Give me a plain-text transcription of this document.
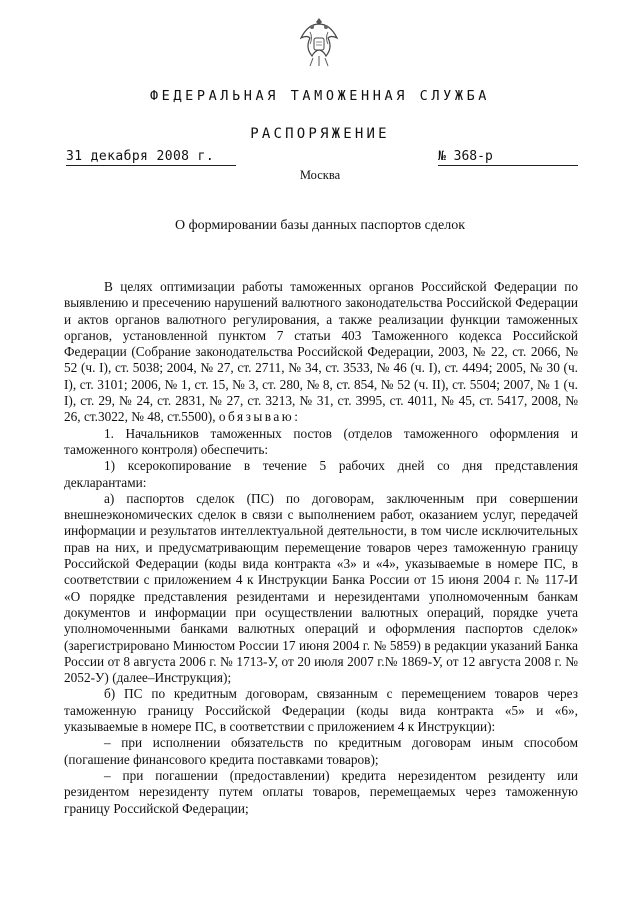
ФЕДЕРАЛЬНАЯ ТАМОЖЕННАЯ СЛУЖБА
РАСПОРЯЖЕНИЕ
31 декабря 2008 г.	№ 368-р
Москва
О формировании базы данных паспортов сделок

В целях оптимизации работы таможенных органов Российской Федерации по выявлению и пресечению нарушений валютного законодательства Российской Федерации и актов органов валютного регулирования, а также реализации функции таможенных органов, установленной пунктом 7 статьи 403 Таможенного кодекса Российской Федерации (Собрание законодательства Российской Федерации, 2003, № 22, ст. 2066, № 52 (ч. I), ст. 5038; 2004, № 27, ст. 2711, № 34, ст. 3533, № 46 (ч. I), ст. 4494; 2005, № 30 (ч. I), ст. 3101; 2006, № 1, ст. 15, № 3, ст. 280, № 8, ст. 854, № 52 (ч. II), ст. 5504; 2007, № 1 (ч. I), ст. 29, № 24, ст. 2831, № 27, ст. 3213, № 31, ст. 3995, ст. 4011, № 45, ст. 5417, 2008, № 26, ст.3022, № 48, ст.5500), обязываю:

1. Начальников таможенных постов (отделов таможенного оформления и таможенного контроля) обеспечить:

1) ксерокопирование в течение 5 рабочих дней со дня представления декларантами:

а) паспортов сделок (ПС) по договорам, заключенным при совершении внешнеэкономических сделок в связи с выполнением работ, оказанием услуг, передачей информации и результатов интеллектуальной деятельности, в том числе исключительных прав на них, и предусматривающим перемещение товаров через таможенную границу Российской Федерации (коды вида контракта «3» и «4», указываемые в номере ПС, в соответствии с приложением 4 к Инструкции Банка России от 15 июня 2004 г. № 117-И «О порядке представления резидентами и нерезидентами уполномоченным банкам документов и информации при осуществлении валютных операций, порядке учета уполномоченными банками валютных операций и оформления паспортов сделок» (зарегистрировано Минюстом России 17 июня 2004 г. № 5859) в редакции указаний Банка России от 8 августа 2006 г. № 1713-У, от 20 июля 2007 г.№ 1869-У, от 12 августа 2008 г. № 2052-У) (далее–Инструкция);

б) ПС по кредитным договорам, связанным с перемещением товаров через таможенную границу Российской Федерации (коды вида контракта «5» и «6», указываемые в номере ПС, в соответствии с приложением 4 к Инструкции):

– при исполнении обязательств по кредитным договорам иным способом (погашение финансового кредита поставками товаров);

– при погашении (предоставлении) кредита нерезидентом резиденту или резидентом нерезиденту путем оплаты товаров, перемещаемых через таможенную границу Российской Федерации;
